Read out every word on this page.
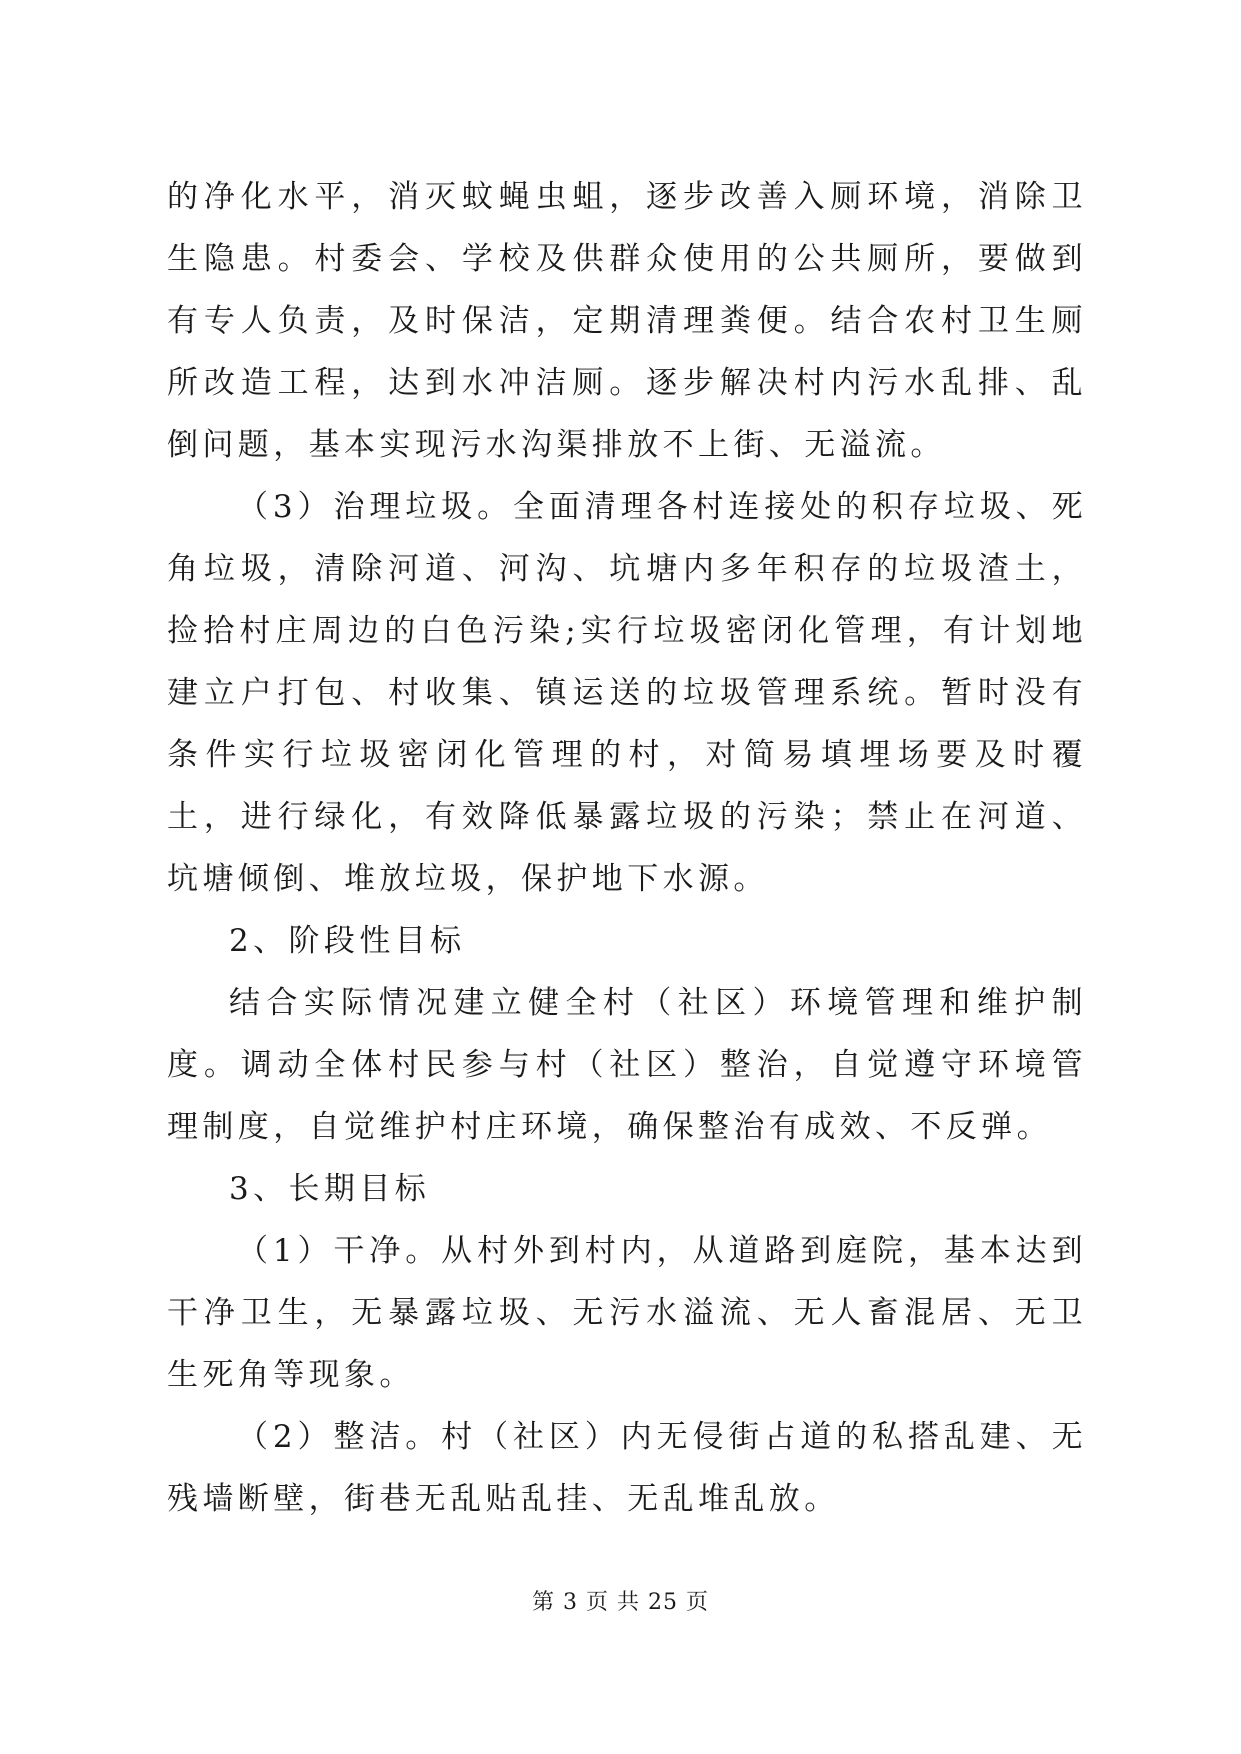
的净化水平，消灭蚊蝇虫蛆，逐步改善入厕环境，消除卫生隐患。村委会、学校及供群众使用的公共厕所，要做到有专人负责，及时保洁，定期清理粪便。结合农村卫生厕所改造工程，达到水冲洁厕。逐步解决村内污水乱排、乱倒问题，基本实现污水沟渠排放不上街、无溢流。

（3）治理垃圾。全面清理各村连接处的积存垃圾、死角垃圾，清除河道、河沟、坑塘内多年积存的垃圾渣土，捡拾村庄周边的白色污染;实行垃圾密闭化管理，有计划地建立户打包、村收集、镇运送的垃圾管理系统。暂时没有条件实行垃圾密闭化管理的村，对简易填埋场要及时覆土，进行绿化，有效降低暴露垃圾的污染；禁止在河道、坑塘倾倒、堆放垃圾，保护地下水源。

2、阶段性目标

结合实际情况建立健全村（社区）环境管理和维护制度。调动全体村民参与村（社区）整治，自觉遵守环境管理制度，自觉维护村庄环境，确保整治有成效、不反弹。

3、长期目标

（1）干净。从村外到村内，从道路到庭院，基本达到干净卫生，无暴露垃圾、无污水溢流、无人畜混居、无卫生死角等现象。

（2）整洁。村（社区）内无侵街占道的私搭乱建、无残墙断壁，街巷无乱贴乱挂、无乱堆乱放。

第 3 页 共 25 页
